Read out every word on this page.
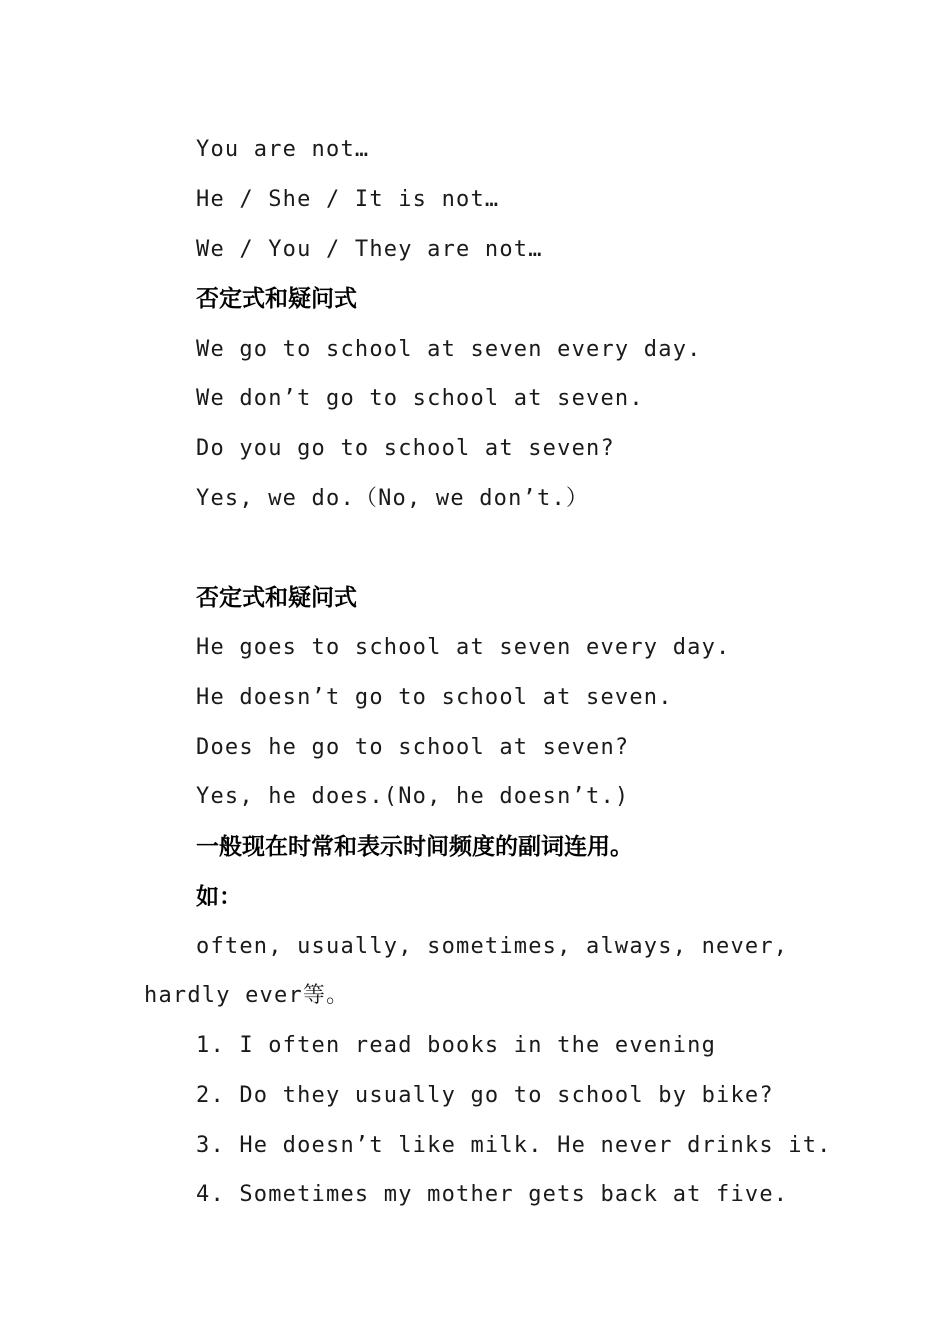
You are not…
He / She / It is not…
We / You / They are not…
否定式和疑问式
We go to school at seven every day.
We don’t go to school at seven.
Do you go to school at seven?
Yes, we do.（No, we don’t.）
否定式和疑问式
He goes to school at seven every day.
He doesn’t go to school at seven.
Does he go to school at seven?
Yes, he does.(No, he doesn’t.)
一般现在时常和表示时间频度的副词连用。
如：
often, usually, sometimes, always, never,
hardly ever等。
1. I often read books in the evening
2. Do they usually go to school by bike?
3. He doesn’t like milk. He never drinks it.
4. Sometimes my mother gets back at five.
